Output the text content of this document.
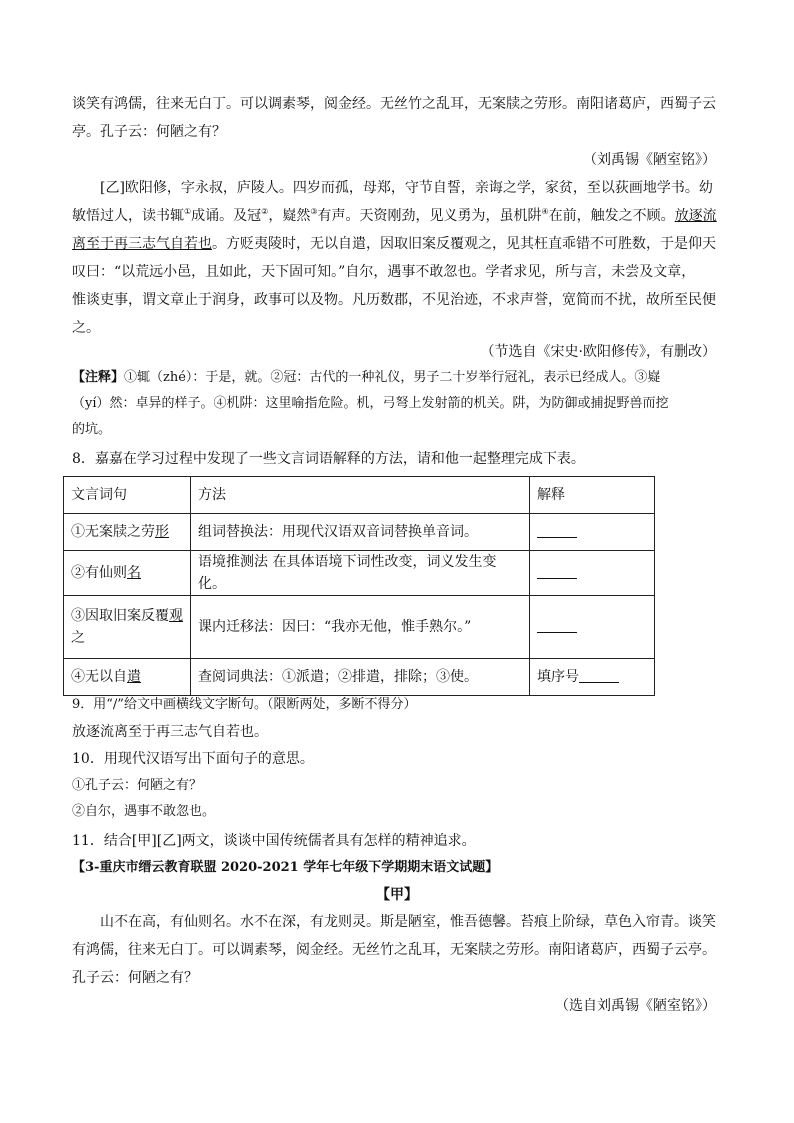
谈笑有鸿儒，往来无白丁。可以调素琴，阅金经。无丝竹之乱耳，无案牍之劳形。南阳诸葛庐，西蜀子云
亭。孔子云：何陋之有？
（刘禹锡《陋室铭》）
[乙]欧阳修，字永叔，庐陵人。四岁而孤，母郑，守节自誓，亲诲之学，家贫，至以荻画地学书。幼
敏悟过人，读书辄①成诵。及冠②，嶷然③有声。天资刚劲，见义勇为，虽机阱④在前，触发之不顾。放逐流
离至于再三志气自若也。方贬夷陵时，无以自遣，因取旧案反覆观之，见其枉直乖错不可胜数，于是仰天
叹曰：“以荒远小邑，且如此，天下固可知。”自尔，遇事不敢忽也。学者求见，所与言，未尝及文章，
惟谈吏事，谓文章止于润身，政事可以及物。凡历数郡，不见治迹，不求声誉，宽简而不扰，故所至民便
之。
（节选自《宋史·欧阳修传》，有删改）
【注释】①辄（zhé）：于是，就。②冠：古代的一种礼仪，男子二十岁举行冠礼，表示已经成人。③嶷
（yí）然：卓异的样子。④机阱：这里喻指危险。机，弓弩上发射箭的机关。阱，为防御或捕捉野兽而挖
的坑。
8．嘉嘉在学习过程中发现了一些文言词语解释的方法，请和他一起整理完成下表。
文言词句	方法	解释
①无案牍之劳形	组词替换法：用现代汉语双音词替换单音词。	
②有仙则名	语境推测法 在具体语境下词性改变，词义发生变化。	
③因取旧案反覆观
之	课内迁移法：因曰：“我亦无他，惟手熟尔。”	
④无以自遣	查阅词典法：①派遣；②排遣，排除；③使。	填序号
9．用“/”给文中画横线文字断句。（限断两处，多断不得分）
放逐流离至于再三志气自若也。
10．用现代汉语写出下面句子的意思。
①孔子云：何陋之有？
②自尔，遇事不敢忽也。
11．结合[甲][乙]两文，谈谈中国传统儒者具有怎样的精神追求。
【3-重庆市缙云教育联盟 2020-2021 学年七年级下学期期末语文试题】
【甲】
山不在高，有仙则名。水不在深，有龙则灵。斯是陋室，惟吾德馨。苔痕上阶绿，草色入帘青。谈笑
有鸿儒，往来无白丁。可以调素琴，阅金经。无丝竹之乱耳，无案牍之劳形。南阳诸葛庐，西蜀子云亭。
孔子云：何陋之有？
（选自刘禹锡《陋室铭》）
